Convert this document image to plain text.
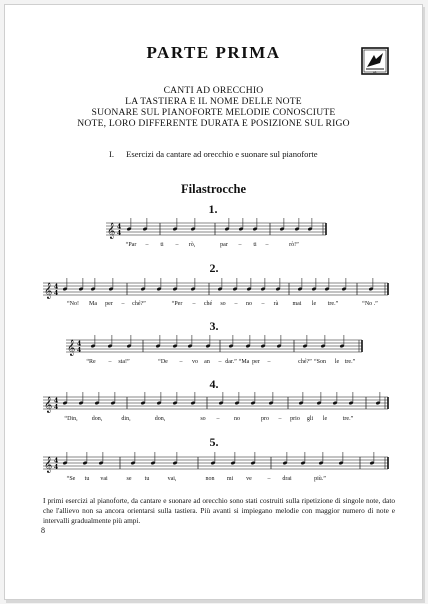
PARTE PRIMA
ed.
CANTI AD ORECCHIO
LA TASTIERA E IL NOME DELLE NOTE
SUONARE SUL PIANOFORTE MELODIE CONOSCIUTE
NOTE, LORO DIFFERENTE DURATA E POSIZIONE SUL RIGO
I. Esercizi da cantare ad orecchio e suonare sul pianoforte
Filastrocche
1.
2.
3.
4.
5.
𝄞 4
4
𝄞 4
4
𝄞 4
4
𝄞 4
4
𝄞 4
4
“Par – ti – rò,	par – ti –	rò!”
“No! Ma per – ché?”	“Per – ché so – no – rà mai le tre.”	“No .”
“Re – sta!”	“De – vo an – dar.” “Ma per –	ché?” “Son le tre.”
“Din, don,	din,	don,	so – no	pro – prio gli le	tre.”
“Se tu vai	se tu	vai,	non mi ve	– drai	più.”
I primi esercizi al pianoforte, da cantare e suonare ad orecchio sono stati costruiti sulla ripetizione di singole note, dato che l'allievo non sa ancora orientarsi sulla tastiera. Più avanti si impiegano melodie con maggior numero di note e intervalli gradualmente più ampi.
8
